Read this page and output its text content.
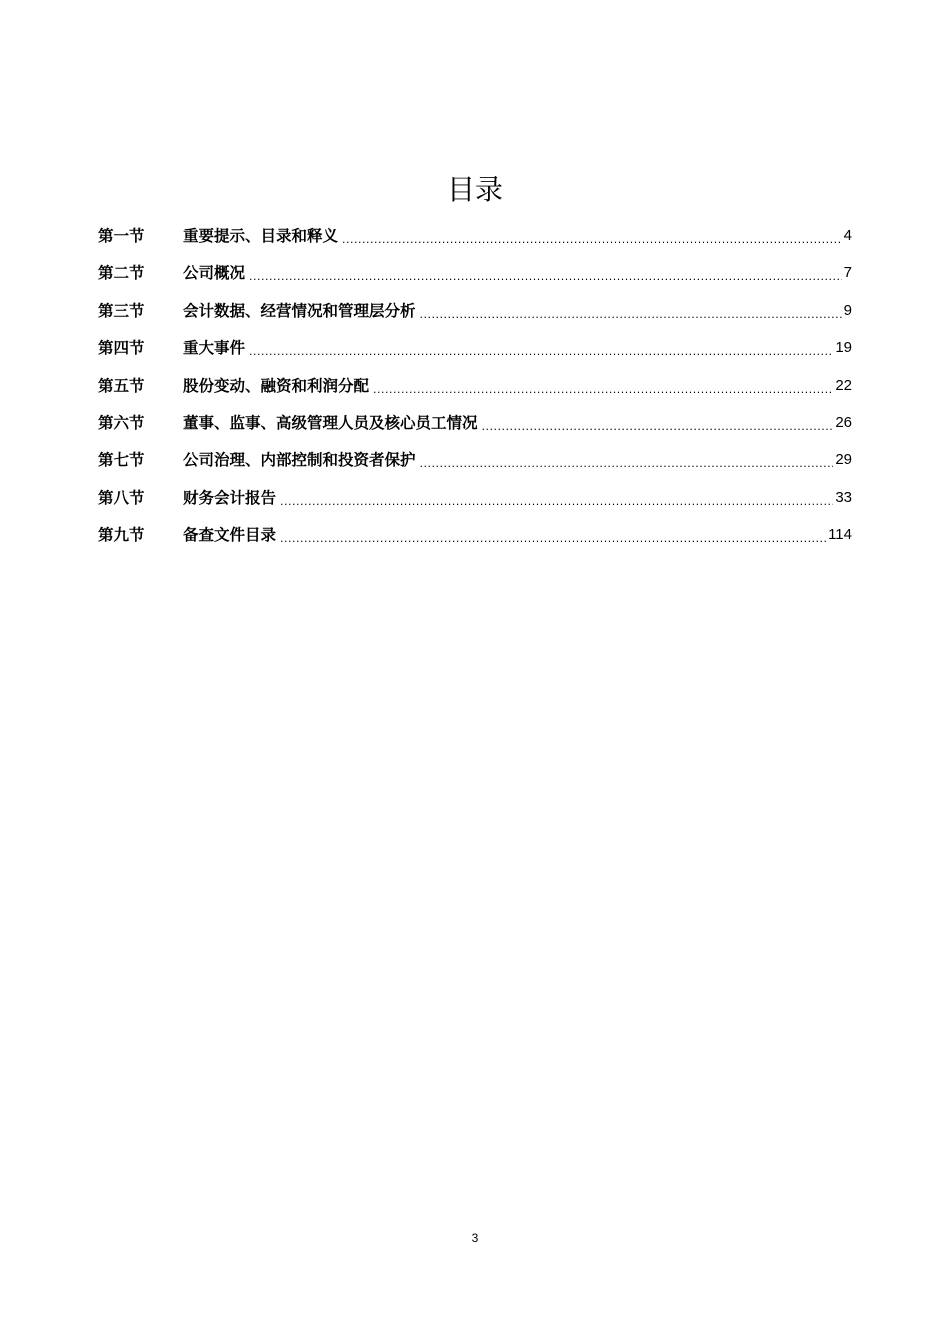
目录
第一节	重要提示、目录和释义 .....	4
第二节	公司概况 .....	7
第三节	会计数据、经营情况和管理层分析 .....	9
第四节	重大事件 .....	19
第五节	股份变动、融资和利润分配 .....	22
第六节	董事、监事、高级管理人员及核心员工情况 .....	26
第七节	公司治理、内部控制和投资者保护 .....	29
第八节	财务会计报告 .....	33
第九节	备查文件目录 .....	114
3
